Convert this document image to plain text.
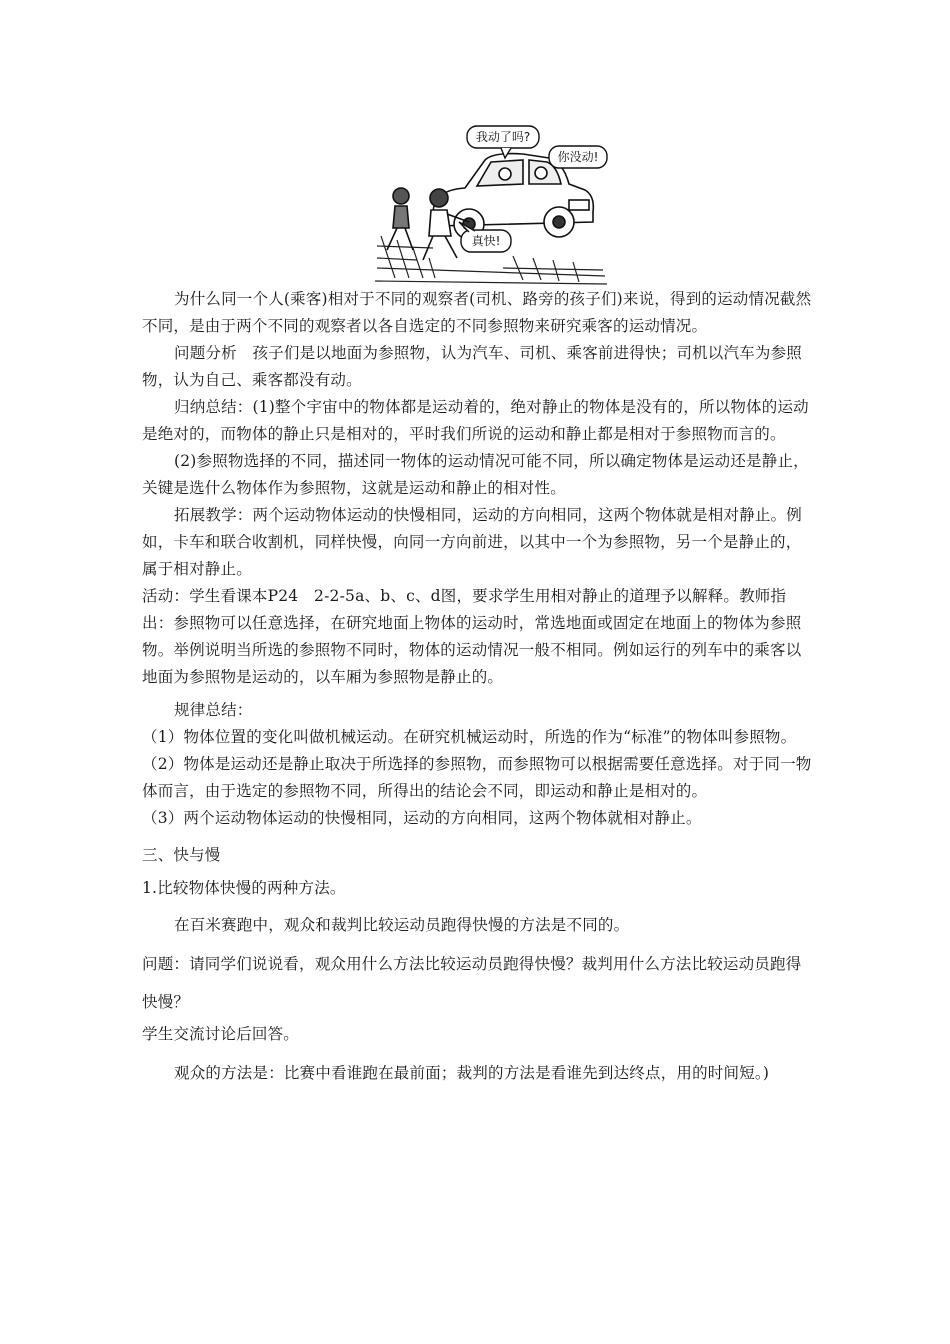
我动了吗?
你没动!
真快!

为什么同一个人(乘客)相对于不同的观察者(司机、路旁的孩子们)来说，得到的运动情况截然不同，是由于两个不同的观察者以各自选定的不同参照物来研究乘客的运动情况。

问题分析　孩子们是以地面为参照物，认为汽车、司机、乘客前进得快；司机以汽车为参照物，认为自己、乘客都没有动。

归纳总结：(1)整个宇宙中的物体都是运动着的，绝对静止的物体是没有的，所以物体的运动是绝对的，而物体的静止只是相对的，平时我们所说的运动和静止都是相对于参照物而言的。

(2)参照物选择的不同，描述同一物体的运动情况可能不同，所以确定物体是运动还是静止，关键是选什么物体作为参照物，这就是运动和静止的相对性。

拓展教学：两个运动物体运动的快慢相同，运动的方向相同，这两个物体就是相对静止。例如，卡车和联合收割机，同样快慢，向同一方向前进，以其中一个为参照物，另一个是静止的，属于相对静止。

活动：学生看课本P24　2-2-5a、b、c、d图，要求学生用相对静止的道理予以解释。教师指出：参照物可以任意选择，在研究地面上物体的运动时，常选地面或固定在地面上的物体为参照物。举例说明当所选的参照物不同时，物体的运动情况一般不相同。例如运行的列车中的乘客以地面为参照物是运动的，以车厢为参照物是静止的。

规律总结：

（1）物体位置的变化叫做机械运动。在研究机械运动时，所选的作为“标准”的物体叫参照物。

（2）物体是运动还是静止取决于所选择的参照物，而参照物可以根据需要任意选择。对于同一物体而言，由于选定的参照物不同，所得出的结论会不同，即运动和静止是相对的。

（3）两个运动物体运动的快慢相同，运动的方向相同，这两个物体就相对静止。

三、快与慢

1.比较物体快慢的两种方法。

在百米赛跑中，观众和裁判比较运动员跑得快慢的方法是不同的。

问题：请同学们说说看，观众用什么方法比较运动员跑得快慢？裁判用什么方法比较运动员跑得快慢？

学生交流讨论后回答。

观众的方法是：比赛中看谁跑在最前面；裁判的方法是看谁先到达终点，用的时间短。)
